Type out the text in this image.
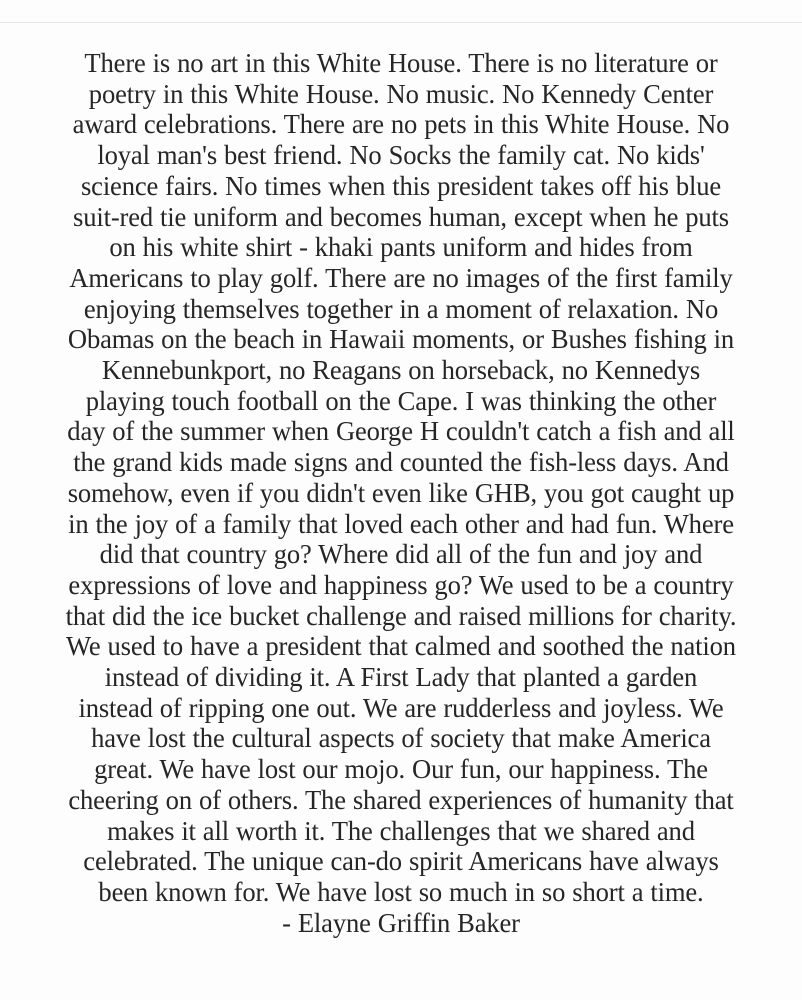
There is no art in this White House. There is no literature or
poetry in this White House. No music. No Kennedy Center
award celebrations. There are no pets in this White House. No
loyal man's best friend. No Socks the family cat. No kids'
science fairs. No times when this president takes off his blue
suit-red tie uniform and becomes human, except when he puts
on his white shirt - khaki pants uniform and hides from
Americans to play golf. There are no images of the first family
enjoying themselves together in a moment of relaxation. No
Obamas on the beach in Hawaii moments, or Bushes fishing in
Kennebunkport, no Reagans on horseback, no Kennedys
playing touch football on the Cape. I was thinking the other
day of the summer when George H couldn't catch a fish and all
the grand kids made signs and counted the fish-less days. And
somehow, even if you didn't even like GHB, you got caught up
in the joy of a family that loved each other and had fun. Where
did that country go? Where did all of the fun and joy and
expressions of love and happiness go? We used to be a country
that did the ice bucket challenge and raised millions for charity.
We used to have a president that calmed and soothed the nation
instead of dividing it. A First Lady that planted a garden
instead of ripping one out. We are rudderless and joyless. We
have lost the cultural aspects of society that make America
great. We have lost our mojo. Our fun, our happiness. The
cheering on of others. The shared experiences of humanity that
makes it all worth it. The challenges that we shared and
celebrated. The unique can-do spirit Americans have always
been known for. We have lost so much in so short a time.
- Elayne Griffin Baker
